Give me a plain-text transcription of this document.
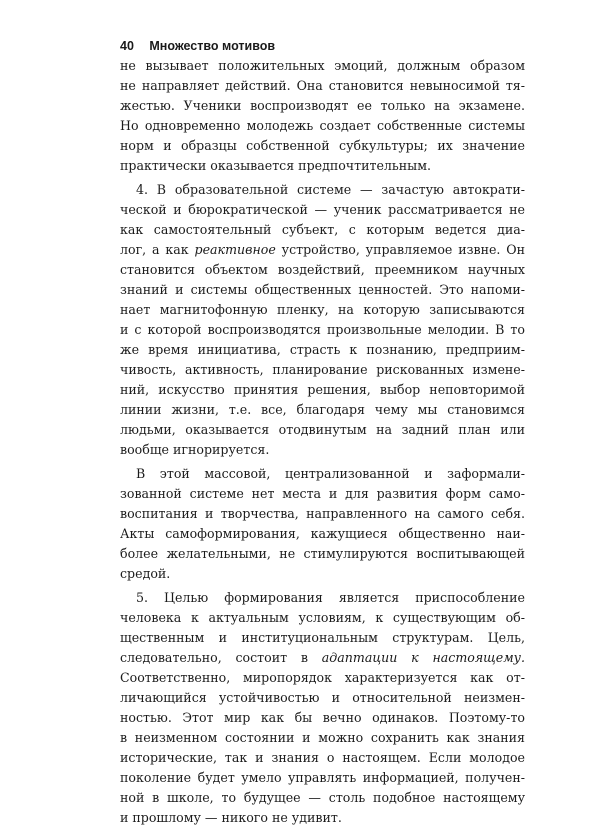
40 Множество мотивов
не вызывает положительных эмоций, должным образом
не направляет действий. Она становится невыносимой тя-
жестью. Ученики воспроизводят ее только на экзамене.
Но одновременно молодежь создает собственные системы
норм и образцы собственной субкультуры; их значение
практически оказывается предпочтительным.
4. В образовательной системе — зачастую автократи-
ческой и бюрократической — ученик рассматривается не
как самостоятельный субъект, с которым ведется диа-
лог, а как реактивное устройство, управляемое извне. Он
становится объектом воздействий, преемником научных
знаний и системы общественных ценностей. Это напоми-
нает магнитофонную пленку, на которую записываются
и с которой воспроизводятся произвольные мелодии. В то
же время инициатива, страсть к познанию, предприим-
чивость, активность, планирование рискованных измене-
ний, искусство принятия решения, выбор неповторимой
линии жизни, т.е. все, благодаря чему мы становимся
людьми, оказывается отодвинутым на задний план или
вообще игнорируется.
В этой массовой, централизованной и заформали-
зованной системе нет места и для развития форм само-
воспитания и творчества, направленного на самого себя.
Акты самоформирования, кажущиеся общественно наи-
более желательными, не стимулируются воспитывающей
средой.
5. Целью формирования является приспособление
человека к актуальным условиям, к существующим об-
щественным и институциональным структурам. Цель,
следовательно, состоит в адаптации к настоящему.
Соответственно, миропорядок характеризуется как от-
личающийся устойчивостью и относительной неизмен-
ностью. Этот мир как бы вечно одинаков. Поэтому-то
в неизменном состоянии и можно сохранить как знания
исторические, так и знания о настоящем. Если молодое
поколение будет умело управлять информацией, получен-
ной в школе, то будущее — столь подобное настоящему
и прошлому — никого не удивит.
